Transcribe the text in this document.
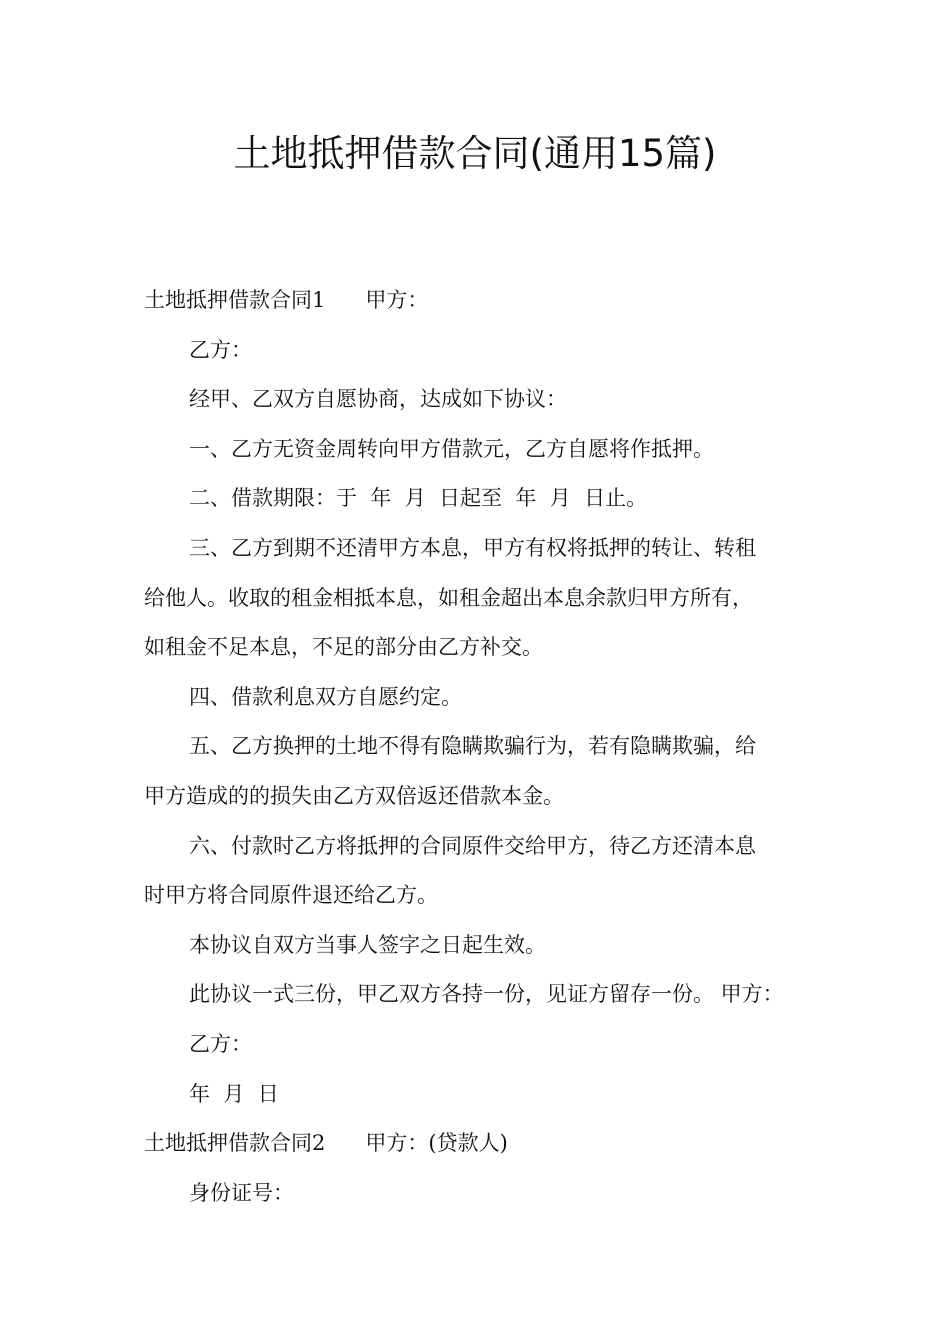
土地抵押借款合同(通用15篇)
土地抵押借款合同1 甲方：
乙方：
经甲、乙双方自愿协商，达成如下协议：
一、乙方无资金周转向甲方借款元，乙方自愿将作抵押。
二、借款期限：于  年  月  日起至  年  月  日止。
三、乙方到期不还清甲方本息，甲方有权将抵押的转让、转租
给他人。收取的租金相抵本息，如租金超出本息余款归甲方所有，
如租金不足本息，不足的部分由乙方补交。
四、借款利息双方自愿约定。
五、乙方换押的土地不得有隐瞒欺骗行为，若有隐瞒欺骗，给
甲方造成的的损失由乙方双倍返还借款本金。
六、付款时乙方将抵押的合同原件交给甲方，待乙方还清本息
时甲方将合同原件退还给乙方。
本协议自双方当事人签字之日起生效。
此协议一式三份，甲乙双方各持一份，见证方留存一份。 甲方：
乙方：
年  月  日
土地抵押借款合同2 甲方：(贷款人)
身份证号：
